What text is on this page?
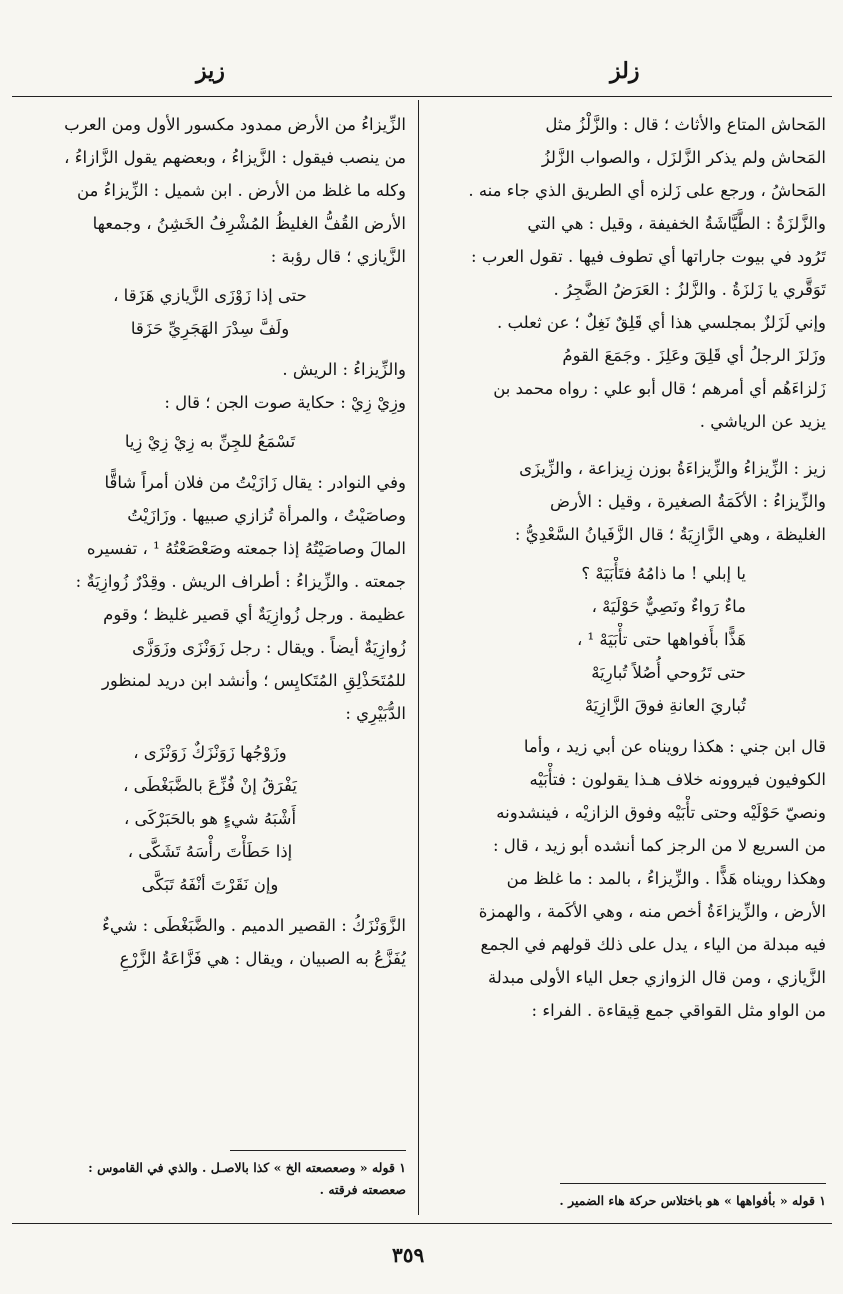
زلز
زيز
المَحاش المتاع والأثاث ؛ قال : والزَّلْزُ مثل
المَحاش ولم يذكر الزَّلزَل ، والصواب الزَّلزُ
المَحاشُ ، ورجع على زَلزه أي الطريق الذي جاء منه .
والزَّلزَةُ : الطَّيَّاشَةُ الخفيفة ، وقيل : هي التي
تَرُود في بيوت جاراتها أي تطوف فيها . تقول العرب :
تَوَقَّري يا زَلزَةُ . والزَّلزُ : العَرَضُ الضَّجِرُ .
وإني لَزَلزٌ بمجلسي هذا أي قَلِقٌ نَغِلٌ ؛ عن ثعلب .
وزَلزَ الرجلُ أي قَلِقَ وعَلِزَ . وجَمَعَ القومُ
زَلزاءَهُم أي أمرهم ؛ قال أبو علي : رواه محمد بن
يزيد عن الرياشي .
زيز : الزِّيزاءُ والزِّيزاءَةُ بوزن زِيزاعة ، والزِّيزَى
والزِّيزاءُ : الأكَمَةُ الصغيرة ، وقيل : الأرض
الغليظة ، وهي الزَّازِيَةُ ؛ قال الزَّفَيانُ السَّعْدِيُّ :
يا إبلي ! ما ذامُهُ فتَأْبَيَهْ ؟
ماءٌ رَواءٌ ونَصِيٌّ حَوْلَيَهْ ،
هَذًّا بأَفواهها حتى تأْبَيَهْ ¹ ،
حتى تَرُوحي أُصُلاً تُبارِيَهْ
تُباريَ العانةِ فوقَ الزَّازِيَهْ
قال ابن جني : هكذا رويناه عن أبي زيد ، وأما
الكوفيون فيروونه خلاف هـذا يقولون : فتأْبَيْه
ونصيّ حَوْلَيْه وحتى تأْبَيْه وفوق الزازيْه ، فينشدونه
من السريع لا من الرجز كما أنشده أبو زيد ، قال :
وهكذا رويناه هَذًّا . والزِّيزاءُ ، بالمد : ما غلظ من
الأرض ، والزِّيزاءَةُ أخص منه ، وهي الأكَمة ، والهمزة
فيه مبدلة من الياء ، يدل على ذلك قولهم في الجمع
الزَّيازي ، ومن قال الزوازي جعل الياء الأولى مبدلة
من الواو مثل القواقي جمع قِيقاءة . الفراء :
الزِّيزاءُ من الأرض ممدود مكسور الأول ومن العرب
من ينصب فيقول : الزَّيزاءُ ، وبعضهم يقول الزَّازاءُ ،
وكله ما غلظ من الأرض . ابن شميل : الزِّيزاءُ من
الأرض القُفُّ الغليظُ المُشْرِفُ الخَشِنُ ، وجمعها
الزَّيازي ؛ قال رؤبة :
حتى إذا زَوْزَى الزَّيازي هَزَقا ،
ولَفَّ سِدْرَ الهَجَرِيِّ حَزَقا
والزِّيزاءُ : الريش .
وزِيْ زِيْ : حكاية صوت الجن ؛ قال :
تَسْمَعُ للجِنِّ به زِيْ زِيْ زِيا
وفي النوادر : يقال زَازَيْتُ من فلان أمراً شاقًّا
وصاصَيْتُ ، والمرأة تُزازي صبيها . وزَازَيْتُ
المالَ وصاصَيْتُهُ إذا جمعته وصَعْصَعْتُهُ ¹ ، تفسيره
جمعته . والزِّيزاءُ : أطراف الريش . وقِدْرٌ زُوازِيَةٌ :
عظيمة . ورجل زُوازِيَةٌ أي قصير غليظ ؛ وقوم
زُوازِيَةٌ أيضاً . ويقال : رجل زَوَنْزَى وزَوَزَّى
للمُتَحَذْلِقِ المُتَكايِس ؛ وأنشد ابن دريد لمنظور
الدُّبَيْرِي :
وزَوْجُها زَوَنْزَكٌ زَوَنْزَى ،
يَفْرَقُ إنْ فُزِّعَ بالضَّبَغْطَى ،
أَشْبَهُ شيءٍ هو بالحَبَرْكَى ،
إذا حَطَأْتَ رأْسَهُ تَشَكَّى ،
وإن نَقَرْتَ أنْفَهُ تَبَكَّى
الزَّوَنْزَكُ : القصير الدميم . والضَّبَغْطَى : شيءٌ
يُفَزَّعُ به الصبيان ، ويقال : هي فَزَّاعَةُ الزَّرْعِ
١ قوله « وصعصعته الخ » كذا بالاصـل . والذي في القاموس :
صعصعته فرقته .
١ قوله « بأفواهها » هو باختلاس حركة هاء الضمير .
٣٥٩
